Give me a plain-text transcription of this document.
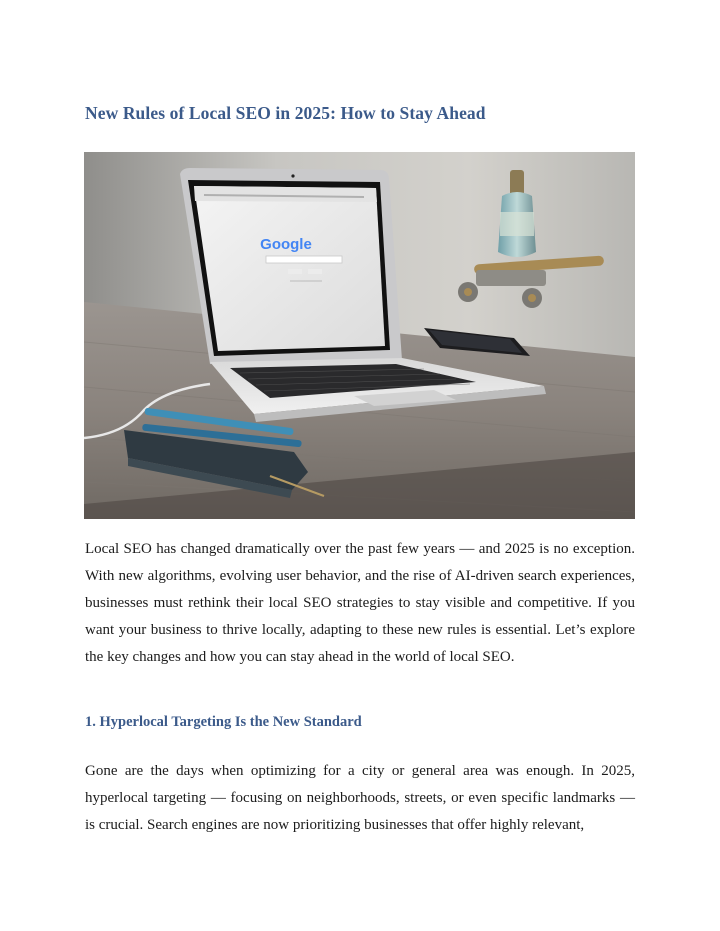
New Rules of Local SEO in 2025: How to Stay Ahead
Google

Local SEO has changed dramatically over the past few years — and 2025 is no exception. With new algorithms, evolving user behavior, and the rise of AI-driven search experiences, businesses must rethink their local SEO strategies to stay visible and competitive. If you want your business to thrive locally, adapting to these new rules is essential. Let’s explore the key changes and how you can stay ahead in the world of local SEO.

1. Hyperlocal Targeting Is the New Standard

Gone are the days when optimizing for a city or general area was enough. In 2025, hyperlocal targeting — focusing on neighborhoods, streets, or even specific landmarks — is crucial. Search engines are now prioritizing businesses that offer highly relevant,
